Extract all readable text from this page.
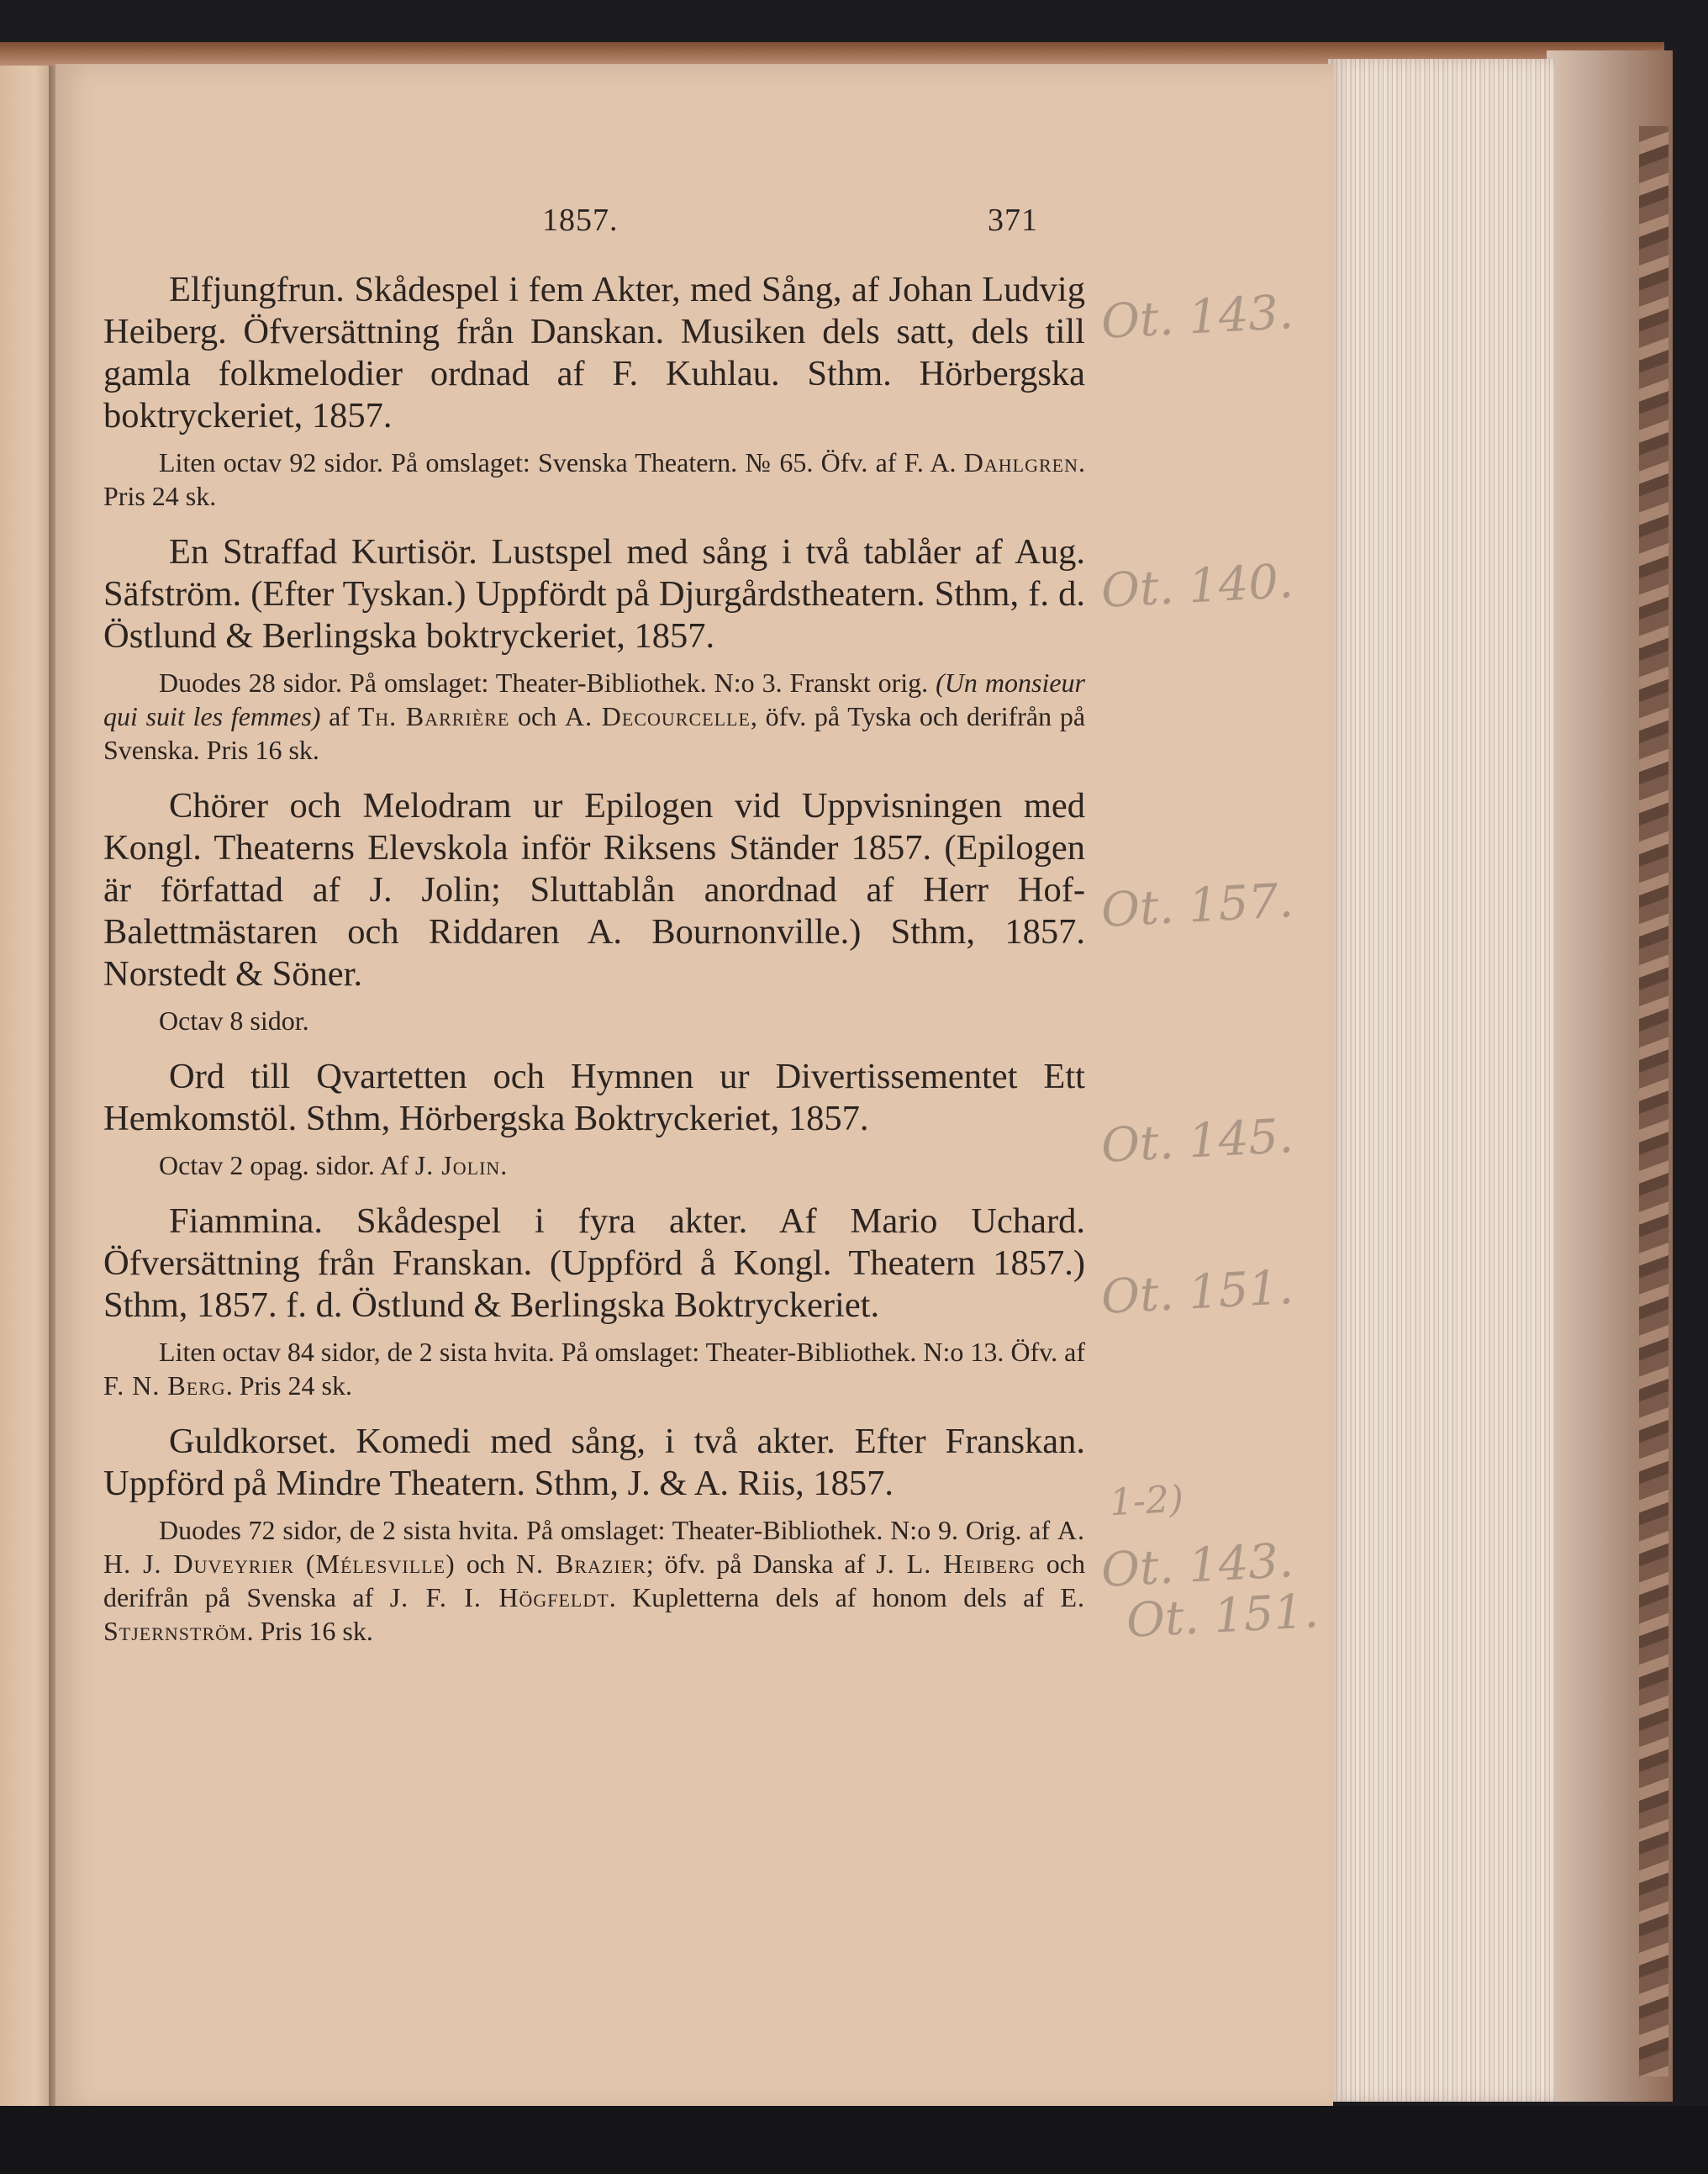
1857.	371

Elfjungfrun. Skådespel i fem Akter, med Sång, af Johan Ludvig Heiberg. Öfversättning från Danskan. Musiken dels satt, dels till gamla folkmelodier ordnad af F. Kuhlau. Sthm. Hörbergska boktryckeriet, 1857.

Liten octav 92 sidor. På omslaget: Svenska Theatern. № 65. Öfv. af F. A. Dahlgren. Pris 24 sk.

En Straffad Kurtisör. Lustspel med sång i två tablåer af Aug. Säfström. (Efter Tyskan.) Uppfördt på Djurgårdstheatern. Sthm, f. d. Östlund & Berlingska boktryckeriet, 1857.

Duodes 28 sidor. På omslaget: Theater-Bibliothek. N:o 3. Franskt orig. (Un monsieur qui suit les femmes) af Th. Barrière och A. Decourcelle, öfv. på Tyska och derifrån på Svenska. Pris 16 sk.

Chörer och Melodram ur Epilogen vid Uppvisningen med Kongl. Theaterns Elevskola inför Riksens Ständer 1857. (Epilogen är författad af J. Jolin; Sluttablån anordnad af Herr Hof-Balettmästaren och Riddaren A. Bournonville.) Sthm, 1857. Norstedt & Söner.

Octav 8 sidor.

Ord till Qvartetten och Hymnen ur Divertissementet Ett Hemkomstöl. Sthm, Hörbergska Boktryckeriet, 1857.

Octav 2 opag. sidor. Af J. Jolin.

Fiammina. Skådespel i fyra akter. Af Mario Uchard. Öfversättning från Franskan. (Uppförd å Kongl. Theatern 1857.) Sthm, 1857. f. d. Östlund & Berlingska Boktryckeriet.

Liten octav 84 sidor, de 2 sista hvita. På omslaget: Theater-Bibliothek. N:o 13. Öfv. af F. N. Berg. Pris 24 sk.

Guldkorset. Komedi med sång, i två akter. Efter Franskan. Uppförd på Mindre Theatern. Sthm, J. & A. Riis, 1857.

Duodes 72 sidor, de 2 sista hvita. På omslaget: Theater-Bibliothek. N:o 9. Orig. af A. H. J. Duveyrier (Mélesville) och N. Brazier; öfv. på Danska af J. L. Heiberg och derifrån på Svenska af J. F. I. Högfeldt. Kupletterna dels af honom dels af E. Stjernström. Pris 16 sk.

Ot. 143.
Ot. 140.
Ot. 157.
Ot. 145.
Ot. 151.
1-2)
Ot. 143.
Ot. 151.
